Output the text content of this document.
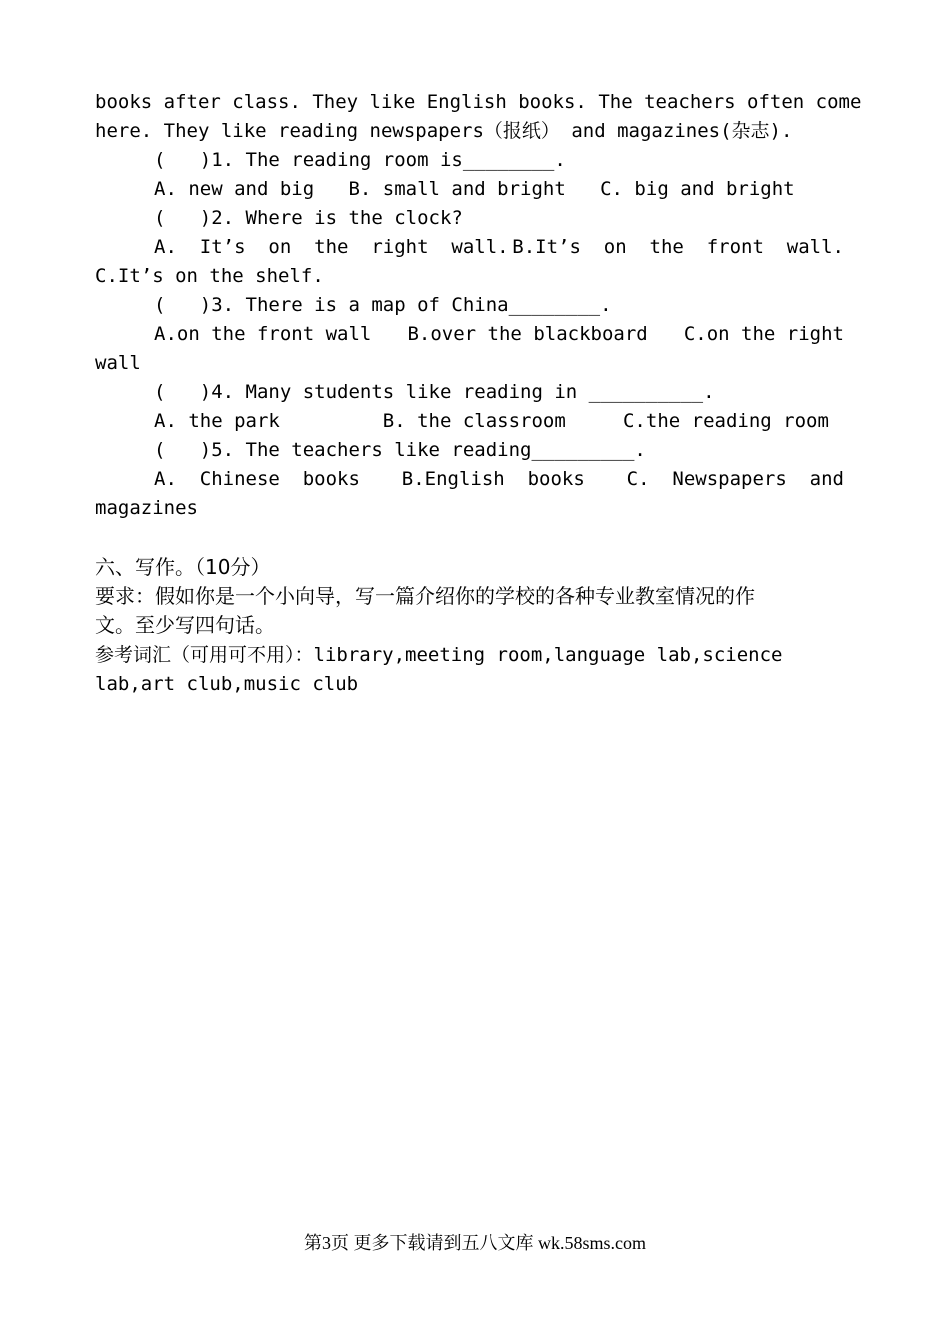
books after class. They like English books. The teachers often come
here. They like reading newspapers（报纸） and magazines(杂志).
(   )1. The reading room is________.
A. new and big   B. small and bright   C. big and bright
(   )2. Where is the clock?
A.  It’s  on  the  right  wall. B.It’s  on  the  front  wall.
C.It’s on the shelf.
(   )3. There is a map of China________.
A.on the front wall B.over the blackboard C.on the right
wall
(   )4. Many students like reading in __________.
A. the park         B. the classroom     C.the reading room
(   )5. The teachers like reading_________.
A.  Chinese  books B.English  books C.  Newspapers  and
magazines
六、写作。（10分）
要求：假如你是一个小向导，写一篇介绍你的学校的各种专业教室情况的作
文。至少写四句话。
参考词汇（可用可不用）：library,meeting room,language lab,science
lab,art club,music club
第3页 更多下载请到五八文库 wk.58sms.com
